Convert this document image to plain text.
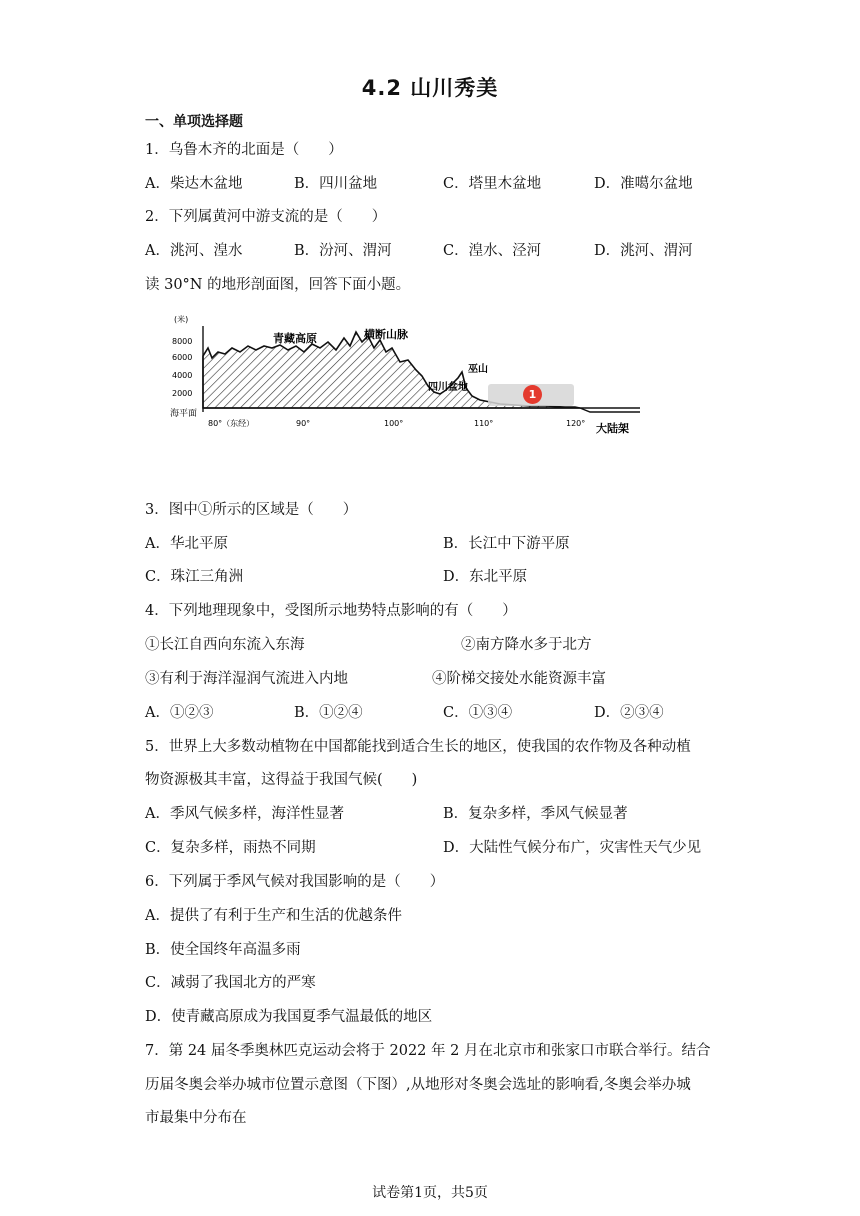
4.2 山川秀美
一、单项选择题
1．乌鲁木齐的北面是（　　）
A．柴达木盆地	B．四川盆地	C．塔里木盆地	D．准噶尔盆地
2．下列属黄河中游支流的是（　　）
A．洮河、湟水	B．汾河、渭河	C．湟水、泾河	D．洮河、渭河
读 30°N 的地形剖面图，回答下面小题。
(米)
8000
6000
4000
2000
海平面
青藏高原	横断山脉
四川盆地
巫山
大陆架
80°（东经）	90°	100°	110°	120°
1
3．图中①所示的区域是（　　）
A．华北平原	B．长江中下游平原
C．珠江三角洲	D．东北平原
4．下列地理现象中，受图所示地势特点影响的有（　　）
①长江自西向东流入东海	②南方降水多于北方
③有利于海洋湿润气流进入内地	④阶梯交接处水能资源丰富
A．①②③	B．①②④	C．①③④	D．②③④
5．世界上大多数动植物在中国都能找到适合生长的地区，使我国的农作物及各种动植
物资源极其丰富，这得益于我国气候(　　)
A．季风气候多样，海洋性显著	B．复杂多样，季风气候显著
C．复杂多样，雨热不同期	D．大陆性气候分布广，灾害性天气少见
6．下列属于季风气候对我国影响的是（　　）
A．提供了有利于生产和生活的优越条件
B．使全国终年高温多雨
C．减弱了我国北方的严寒
D．使青藏高原成为我国夏季气温最低的地区
7．第 24 届冬季奥林匹克运动会将于 2022 年 2 月在北京市和张家口市联合举行。结合
历届冬奥会举办城市位置示意图（下图）,从地形对冬奥会选址的影响看,冬奥会举办城
市最集中分布在
试卷第1页，共5页
